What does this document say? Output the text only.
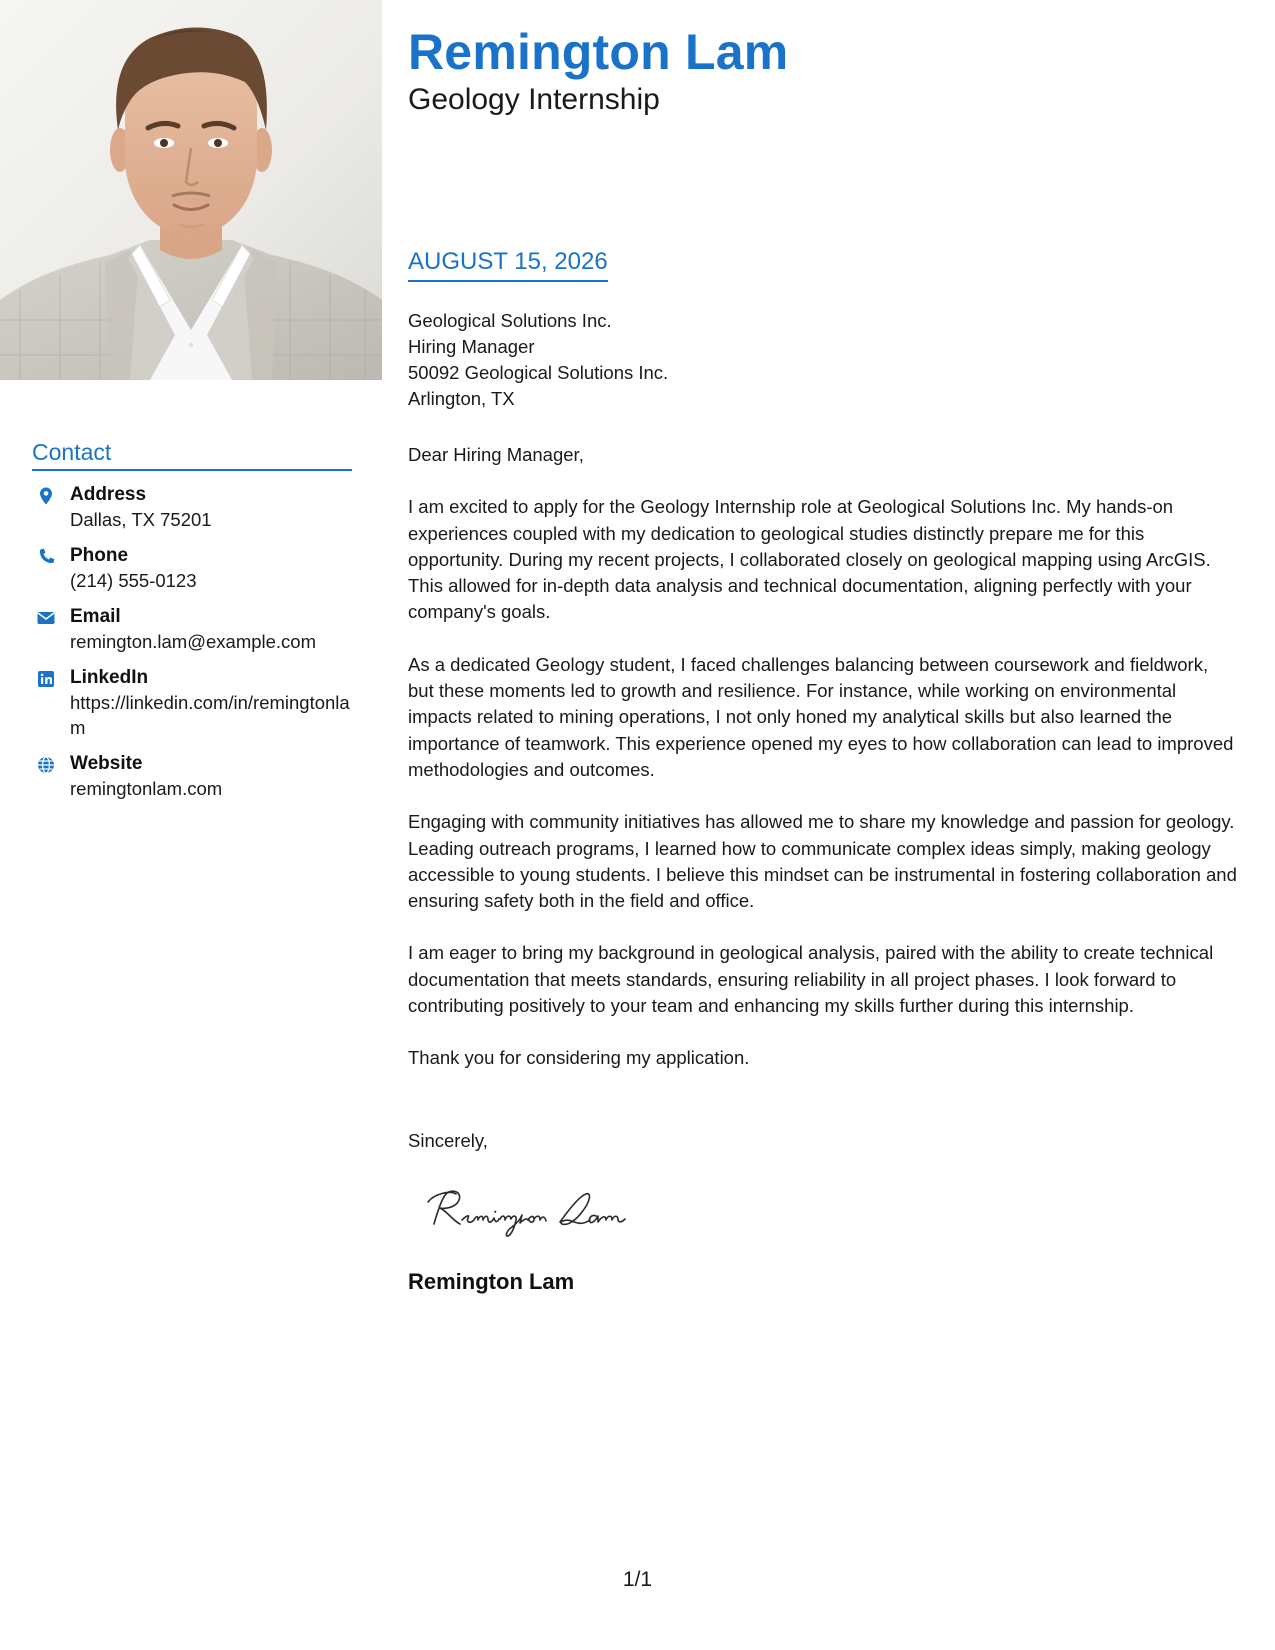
Contact
Address
Dallas, TX 75201
Phone
(214) 555-0123
Email
remington.lam@example.com
LinkedIn
https://linkedin.com/in/remingtonlam
Website
remingtonlam.com
Remington Lam
Geology Internship
AUGUST 15, 2026
Geological Solutions Inc.
Hiring Manager
50092 Geological Solutions Inc.
Arlington, TX

Dear Hiring Manager,

I am excited to apply for the Geology Internship role at Geological Solutions Inc. My hands-on experiences coupled with my dedication to geological studies distinctly prepare me for this opportunity. During my recent projects, I collaborated closely on geological mapping using ArcGIS. This allowed for in-depth data analysis and technical documentation, aligning perfectly with your company's goals.

As a dedicated Geology student, I faced challenges balancing between coursework and fieldwork, but these moments led to growth and resilience. For instance, while working on environmental impacts related to mining operations, I not only honed my analytical skills but also learned the importance of teamwork. This experience opened my eyes to how collaboration can lead to improved methodologies and outcomes.

Engaging with community initiatives has allowed me to share my knowledge and passion for geology. Leading outreach programs, I learned how to communicate complex ideas simply, making geology accessible to young students. I believe this mindset can be instrumental in fostering collaboration and ensuring safety both in the field and office.

I am eager to bring my background in geological analysis, paired with the ability to create technical documentation that meets standards, ensuring reliability in all project phases. I look forward to contributing positively to your team and enhancing my skills further during this internship.

Thank you for considering my application.

Sincerely,
Remington Lam
1/1
